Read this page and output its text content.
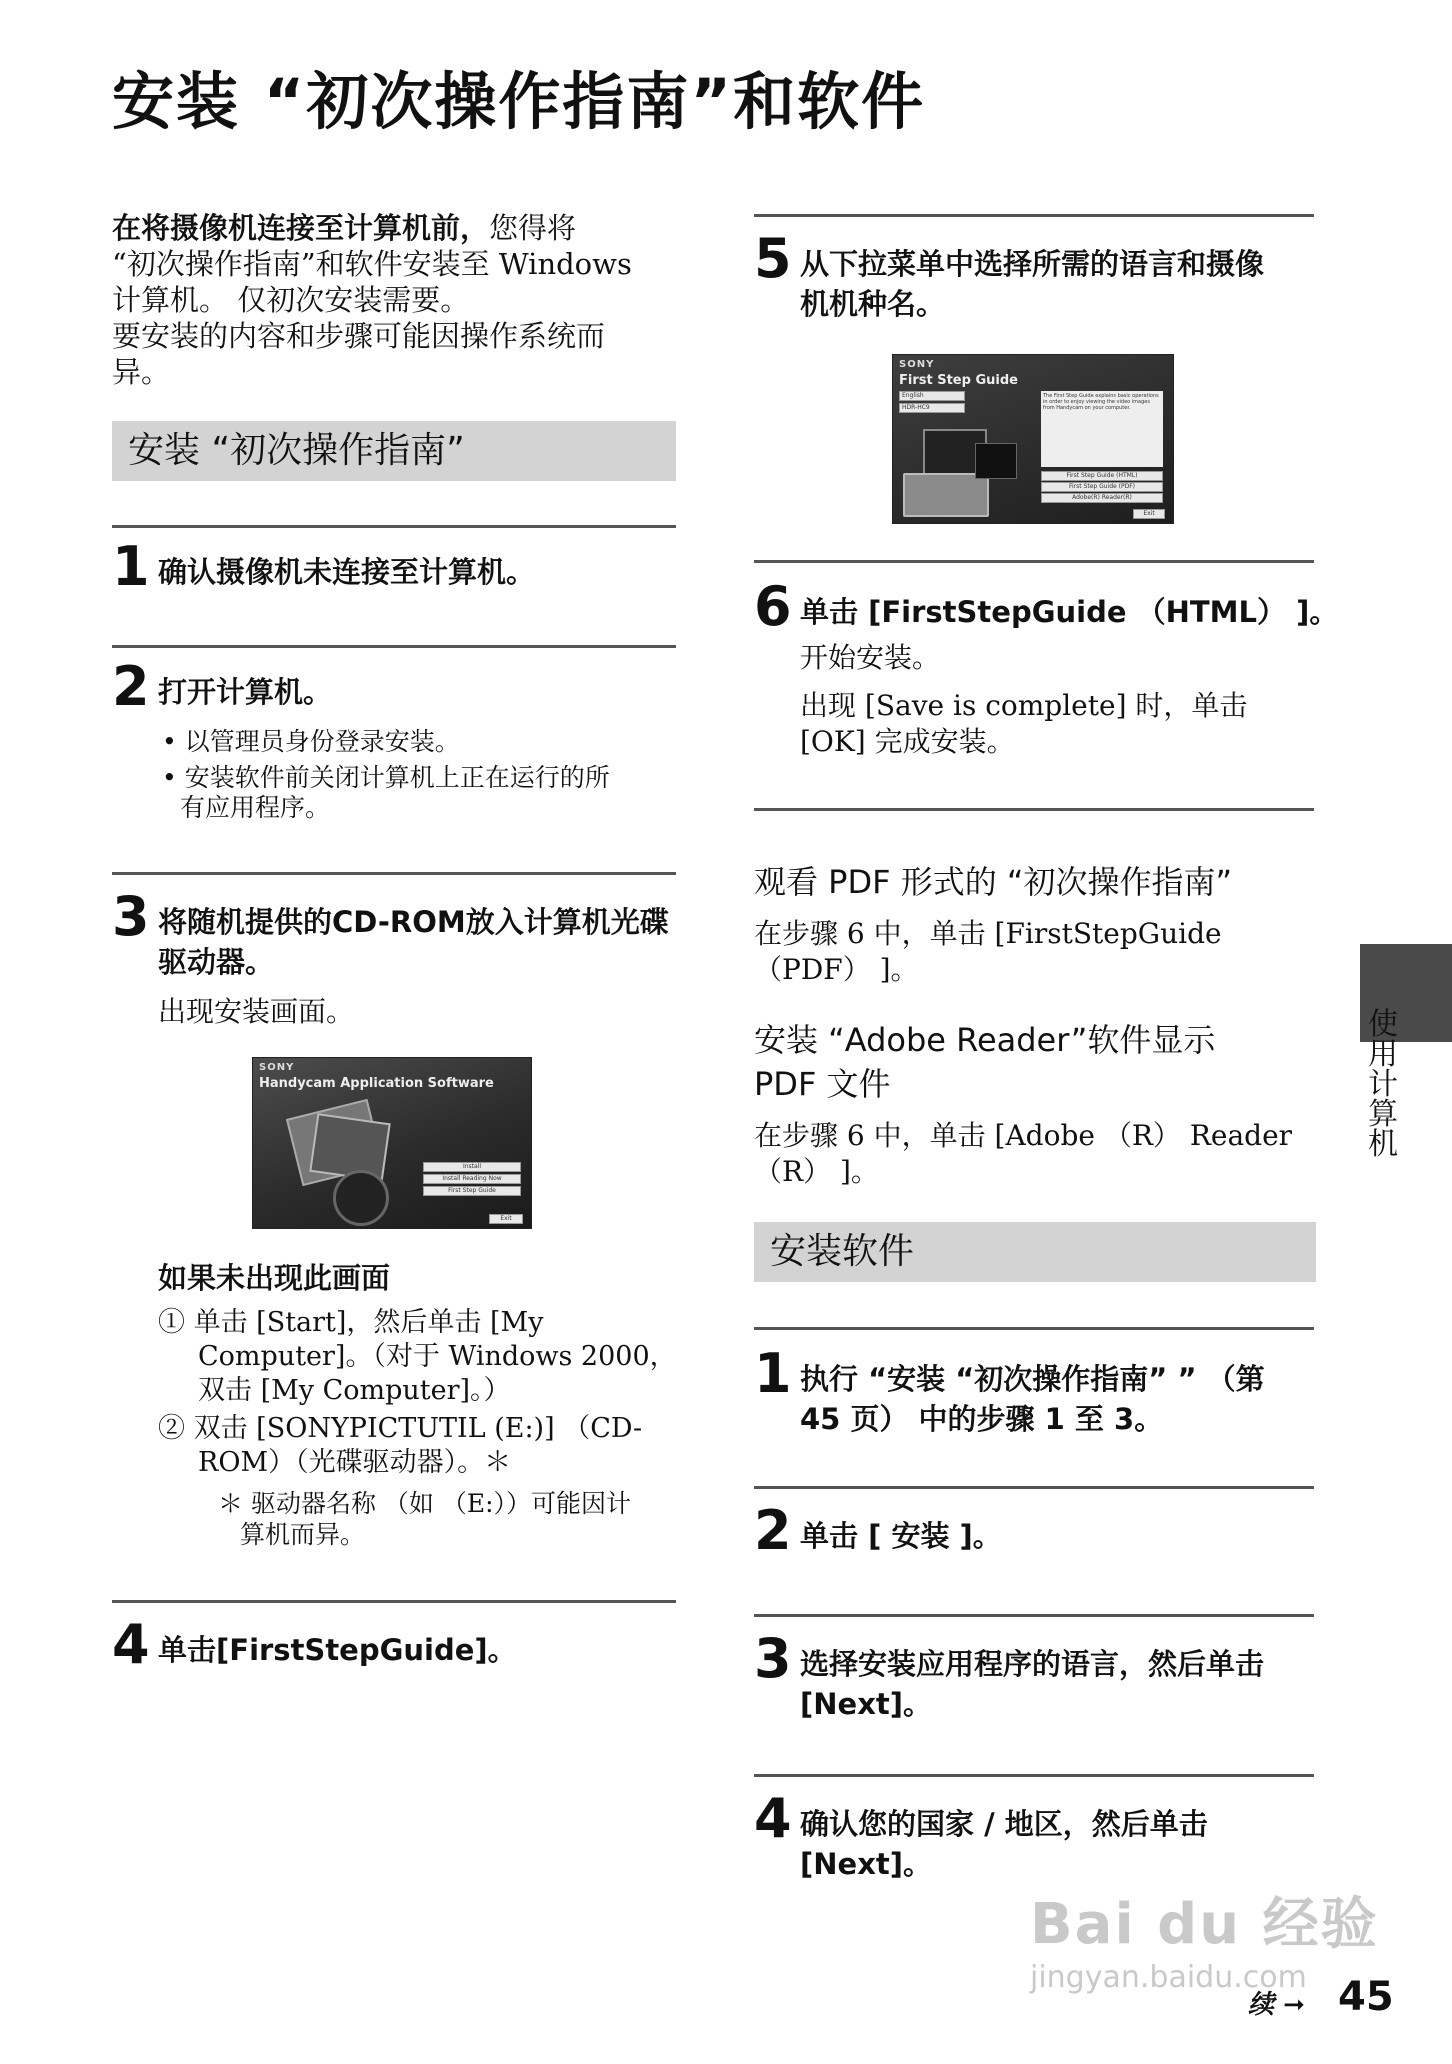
安装 “初次操作指南”和软件
在将摄像机连接至计算机前，您得将
“初次操作指南”和软件安装至 Windows
计算机。 仅初次安装需要。
要安装的内容和步骤可能因操作系统而
异。
安装 “初次操作指南”
1 确认摄像机未连接至计算机。
2 打开计算机。
• 以管理员身份登录安装。
• 安装软件前关闭计算机上正在运行的所
有应用程序。
3 将随机提供的CD-ROM放入计算机光碟
驱动器。
出现安装画面。
SONY
Handycam Application Software
Install
Install Reading Now
First Step Guide
Exit
如果未出现此画面
① 单击 [Start]，然后单击 [My
Computer]。（对于 Windows 2000，
双击 [My Computer]。）
② 双击 [SONYPICTUTIL (E:)] （CD-
ROM）（光碟驱动器）。＊
＊ 驱动器名称 （如 （E:））可能因计
算机而异。
4 单击[FirstStepGuide]。
5 从下拉菜单中选择所需的语言和摄像
机机种名。
SONY
First Step Guide
English
HDR-HC9
The First Step Guide explains basic operations in order to enjoy viewing the video images from Handycam on your computer.
First Step Guide (HTML)
First Step Guide (PDF)
Adobe(R) Reader(R)
Exit
6 单击 [FirstStepGuide （HTML） ]。
开始安装。
出现 [Save is complete] 时，单击
[OK] 完成安装。
观看 PDF 形式的 “初次操作指南”
在步骤 6 中，单击 [FirstStepGuide
（PDF） ]。
安装 “Adobe Reader”软件显示
PDF 文件
在步骤 6 中，单击 [Adobe （R） Reader
（R） ]。
安装软件
1 执行 “安装 “初次操作指南” ” （第
45 页） 中的步骤 1 至 3。
2 单击 [ 安装 ]。
3 选择安装应用程序的语言，然后单击
[Next]。
4 确认您的国家 / 地区，然后单击
[Next]。
使用计算机
Bai du 经验
jingyan.baidu.com
续 ➞ 45
